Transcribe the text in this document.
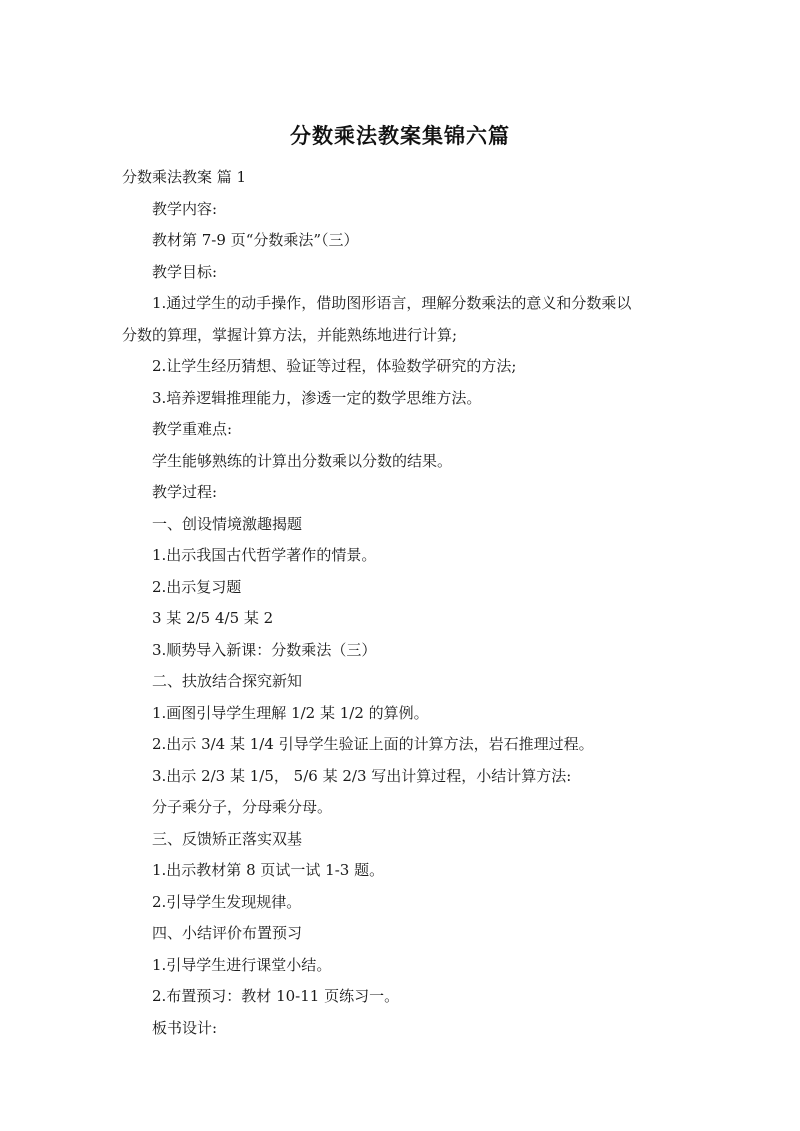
分数乘法教案集锦六篇
分数乘法教案 篇 1
教学内容:
教材第 7-9 页“分数乘法”（三）
教学目标:
1.通过学生的动手操作，借助图形语言，理解分数乘法的意义和分数乘以
分数的算理，掌握计算方法，并能熟练地进行计算;
2.让学生经历猜想、验证等过程，体验数学研究的方法;
3.培养逻辑推理能力，渗透一定的数学思维方法。
教学重难点:
学生能够熟练的计算出分数乘以分数的结果。
教学过程:
一、创设情境激趣揭题
1.出示我国古代哲学著作的情景。
2.出示复习题
3 某 2/5 4/5 某 2
3.顺势导入新课：分数乘法（三）
二、扶放结合探究新知
1.画图引导学生理解 1/2 某 1/2 的算例。
2.出示 3/4 某 1/4 引导学生验证上面的计算方法，岩石推理过程。
3.出示 2/3 某 1/5， 5/6 某 2/3 写出计算过程，小结计算方法:
分子乘分子，分母乘分母。
三、反馈矫正落实双基
1.出示教材第 8 页试一试 1-3 题。
2.引导学生发现规律。
四、小结评价布置预习
1.引导学生进行课堂小结。
2.布置预习：教材 10-11 页练习一。
板书设计:
